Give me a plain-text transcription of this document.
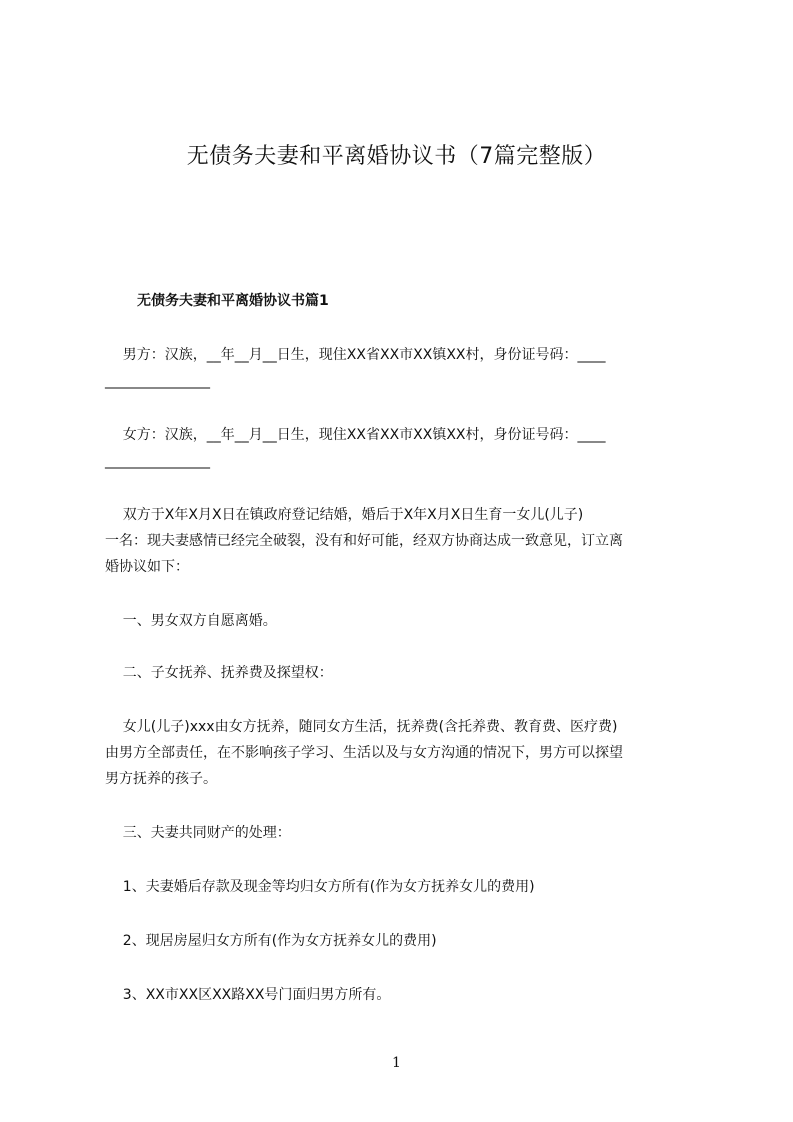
无债务夫妻和平离婚协议书（7篇完整版）
无债务夫妻和平离婚协议书篇1

男方：汉族，__年__月__日生，现住XX省XX市XX镇XX村，身份证号码：____
_______________

女方：汉族，__年__月__日生，现住XX省XX市XX镇XX村，身份证号码：____
_______________

双方于X年X月X日在镇政府登记结婚，婚后于X年X月X日生育一女儿(儿子)
一名：现夫妻感情已经完全破裂，没有和好可能，经双方协商达成一致意见，订立离
婚协议如下：

一、男女双方自愿离婚。

二、子女抚养、抚养费及探望权：

女儿(儿子)xxx由女方抚养，随同女方生活，抚养费(含托养费、教育费、医疗费)
由男方全部责任，在不影响孩子学习、生活以及与女方沟通的情况下，男方可以探望
男方抚养的孩子。

三、夫妻共同财产的处理：

1、夫妻婚后存款及现金等均归女方所有(作为女方抚养女儿的费用)

2、现居房屋归女方所有(作为女方抚养女儿的费用)

3、XX市XX区XX路XX号门面归男方所有。

1
